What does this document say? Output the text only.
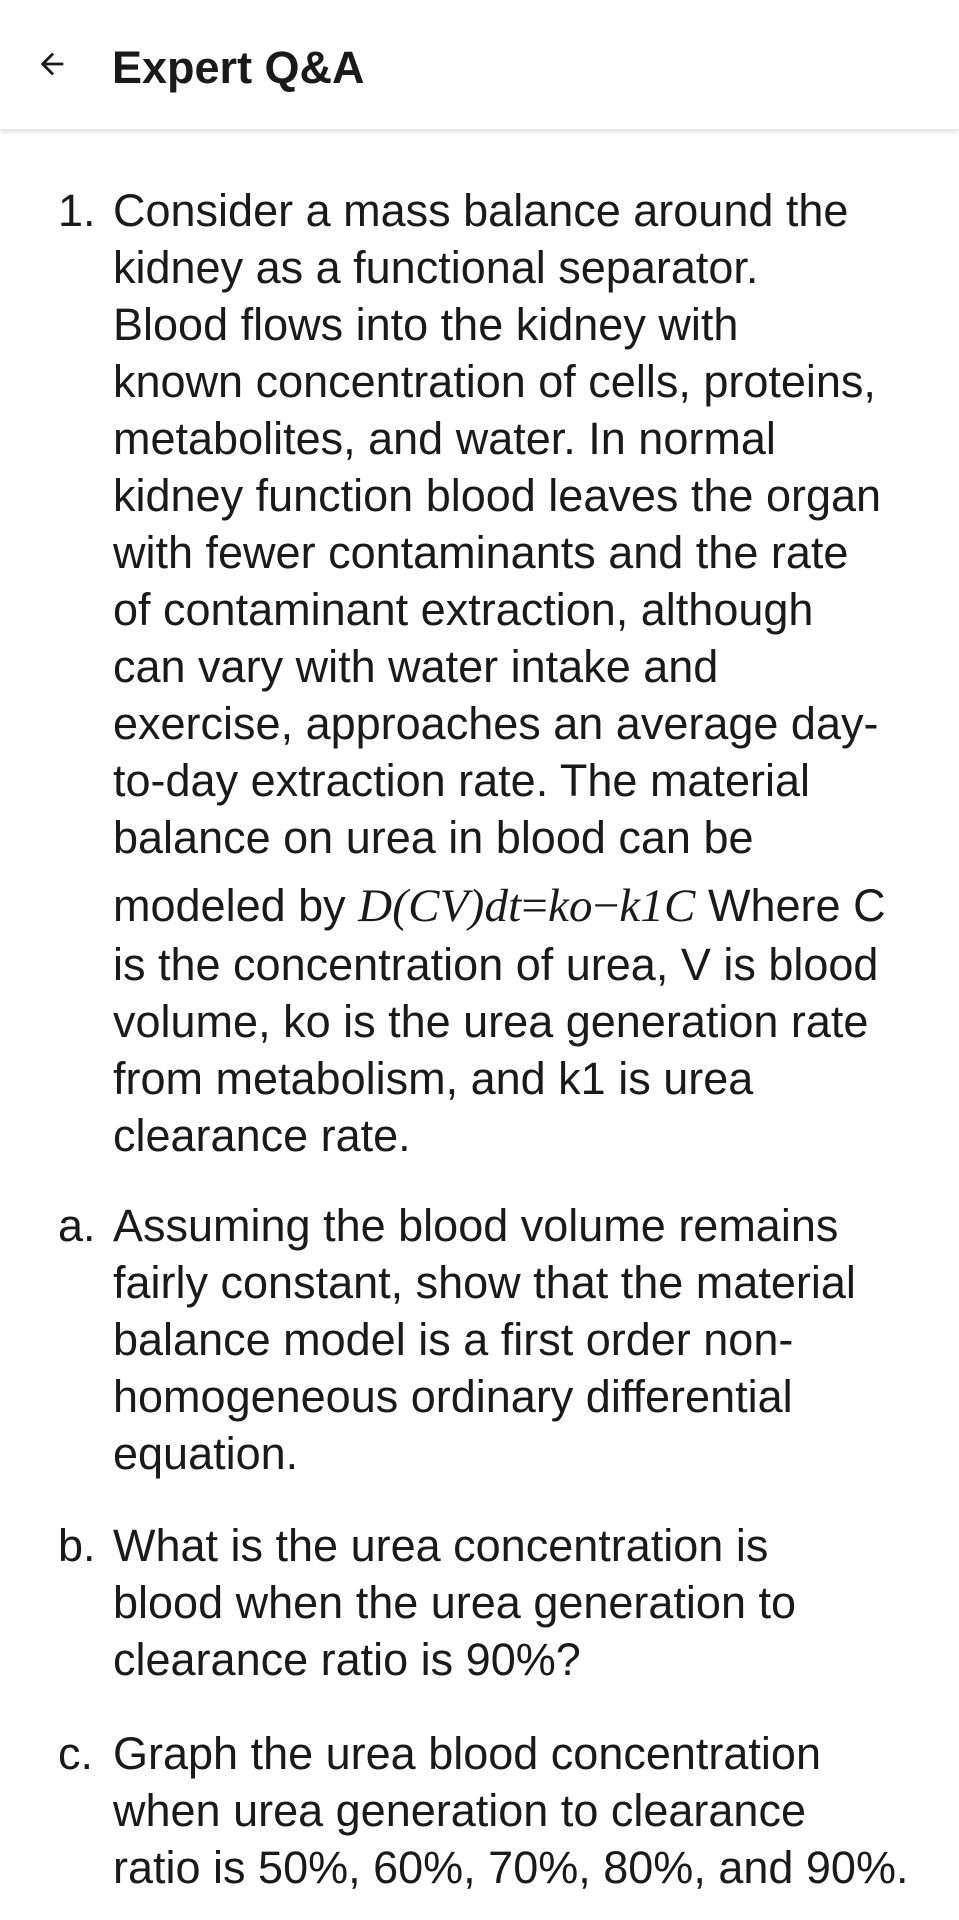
Expert Q&A
1. Consider a mass balance around the
kidney as a functional separator.
Blood flows into the kidney with
known concentration of cells, proteins,
metabolites, and water. In normal
kidney function blood leaves the organ
with fewer contaminants and the rate
of contaminant extraction, although
can vary with water intake and
exercise, approaches an average day-
to-day extraction rate. The material
balance on urea in blood can be
modeled by D(CV)dt=ko−k1C Where C
is the concentration of urea, V is blood
volume, ko is the urea generation rate
from metabolism, and k1 is urea
clearance rate.
a. Assuming the blood volume remains
fairly constant, show that the material
balance model is a first order non-
homogeneous ordinary differential
equation.
b. What is the urea concentration is
blood when the urea generation to
clearance ratio is 90%?
c. Graph the urea blood concentration
when urea generation to clearance
ratio is 50%, 60%, 70%, 80%, and 90%.
